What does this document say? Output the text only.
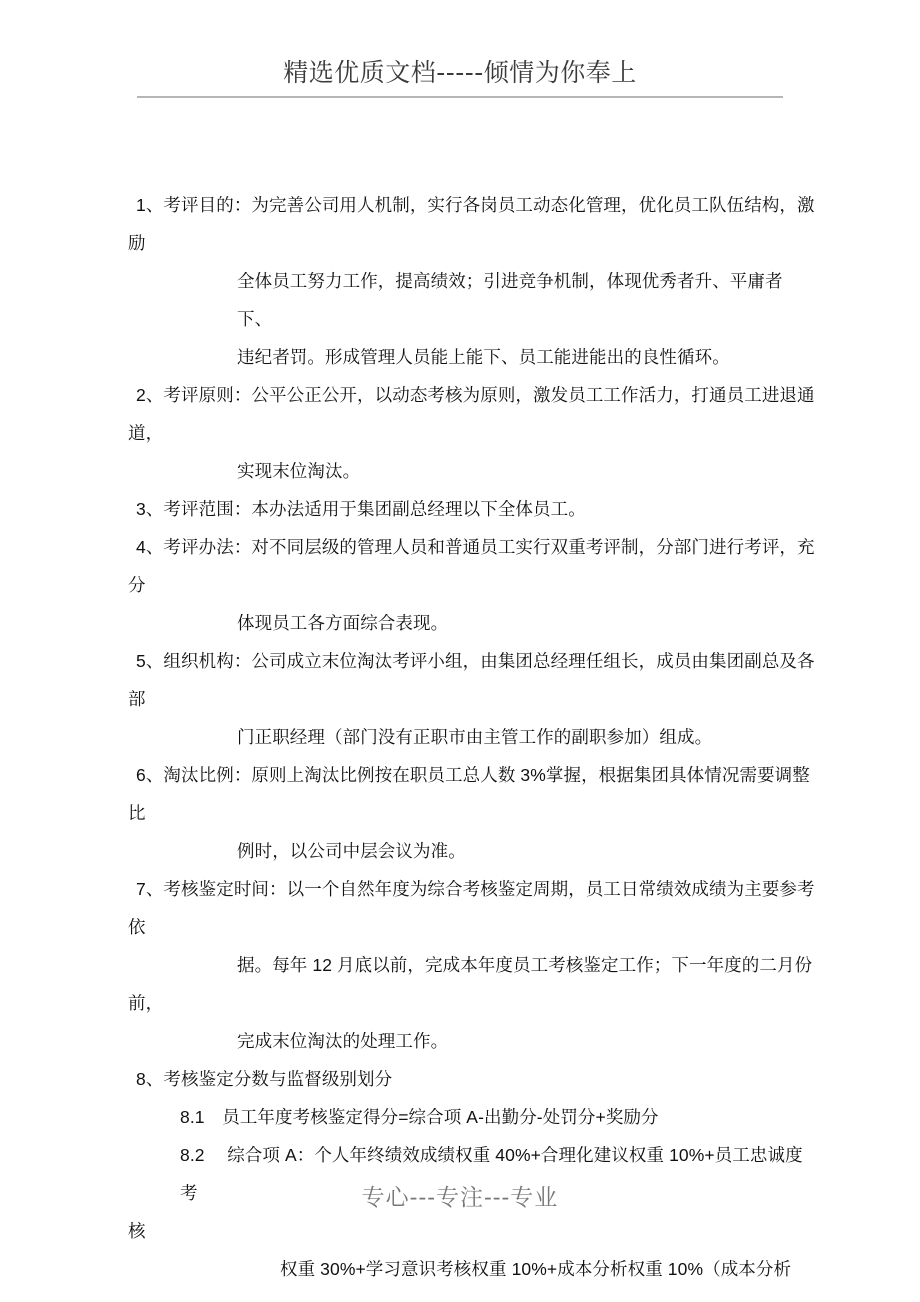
精选优质文档-----倾情为你奉上

1、考评目的：为完善公司用人机制，实行各岗员工动态化管理，优化员工队伍结构，激

励

全体员工努力工作，提高绩效；引进竞争机制，体现优秀者升、平庸者下、

违纪者罚。形成管理人员能上能下、员工能进能出的良性循环。

2、考评原则：公平公正公开，以动态考核为原则，激发员工工作活力，打通员工进退通

道，

实现末位淘汰。

3、考评范围：本办法适用于集团副总经理以下全体员工。

4、考评办法：对不同层级的管理人员和普通员工实行双重考评制，分部门进行考评，充

分

体现员工各方面综合表现。

5、组织机构：公司成立末位淘汰考评小组，由集团总经理任组长，成员由集团副总及各

部

门正职经理（部门没有正职市由主管工作的副职参加）组成。

6、淘汰比例：原则上淘汰比例按在职员工总人数 3%掌握，根据集团具体情况需要调整比

例时，以公司中层会议为准。

7、考核鉴定时间：以一个自然年度为综合考核鉴定周期，员工日常绩效成绩为主要参考

依

据。每年 12 月底以前，完成本年度员工考核鉴定工作；下一年度的二月份

前，

完成末位淘汰的处理工作。

8、考核鉴定分数与监督级别划分

8.1 员工年度考核鉴定得分=综合项 A-出勤分-处罚分+奖励分

8.2  综合项 A：个人年终绩效成绩权重 40%+合理化建议权重 10%+员工忠诚度考

核

权重 30%+学习意识考核权重 10%+成本分析权重 10%（成本分析

专心---专注---专业
